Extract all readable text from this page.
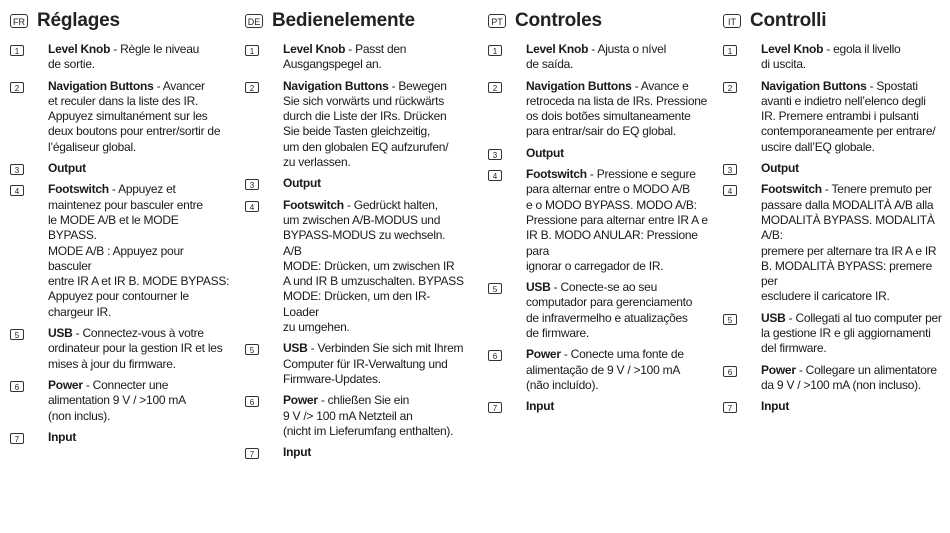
FR Réglages
1	Level Knob - Règle le niveau
de sortie.
2	Navigation Buttons - Avancer
et reculer dans la liste des IR.
Appuyez simultanément sur les
deux boutons pour entrer/sortir de
l’égaliseur global.
3	Output
4	Footswitch - Appuyez et
maintenez pour basculer entre
le MODE A/B et le MODE BYPASS.
MODE A/B : Appuyez pour basculer
entre IR A et IR B. MODE BYPASS:
Appuyez pour contourner le
chargeur IR.
5	USB - Connectez-vous à votre
ordinateur pour la gestion IR et les
mises à jour du firmware.
6	Power - Connecter une
alimentation 9 V / >100 mA
(non inclus).
7	Input
DE Bedienelemente
1	Level Knob - Passt den
Ausgangspegel an.
2	Navigation Buttons - Bewegen
Sie sich vorwärts und rückwärts
durch die Liste der IRs. Drücken
Sie beide Tasten gleichzeitig,
um den globalen EQ aufzurufen/
zu verlassen.
3	Output
4	Footswitch - Gedrückt halten,
um zwischen A/B-MODUS und
BYPASS-MODUS zu wechseln. A/B
MODE: Drücken, um zwischen IR
A und IR B umzuschalten. BYPASS
MODE: Drücken, um den IR-Loader
zu umgehen.
5	USB - Verbinden Sie sich mit Ihrem
Computer für IR-Verwaltung und
Firmware-Updates.
6	Power - chließen Sie ein
9 V /> 100 mA Netzteil an
(nicht im Lieferumfang enthalten).
7	Input
PT Controles
1	Level Knob - Ajusta o nível
de saída.
2	Navigation Buttons - Avance e
retroceda na lista de IRs. Pressione
os dois botões simultaneamente
para entrar/sair do EQ global.
3	Output
4	Footswitch - Pressione e segure
para alternar entre o MODO A/B
e o MODO BYPASS. MODO A/B:
Pressione para alternar entre IR A e
IR B. MODO ANULAR: Pressione para
ignorar o carregador de IR.
5	USB - Conecte-se ao seu
computador para gerenciamento
de infravermelho e atualizações
de firmware.
6	Power - Conecte uma fonte de
alimentação de 9 V / >100 mA
(não incluído).
7	Input
IT Controlli
1	Level Knob - egola il livello
di uscita.
2	Navigation Buttons - Spostati
avanti e indietro nell’elenco degli
IR. Premere entrambi i pulsanti
contemporaneamente per entrare/
uscire dall’EQ globale.
3	Output
4	Footswitch - Tenere premuto per
passare dalla MODALITÀ A/B alla
MODALITÀ BYPASS. MODALITÀ A/B:
premere per alternare tra IR A e IR
B. MODALITÀ BYPASS: premere per
escludere il caricatore IR.
5	USB - Collegati al tuo computer per
la gestione IR e gli aggiornamenti
del firmware.
6	Power - Collegare un alimentatore
da 9 V / >100 mA (non incluso).
7	Input
